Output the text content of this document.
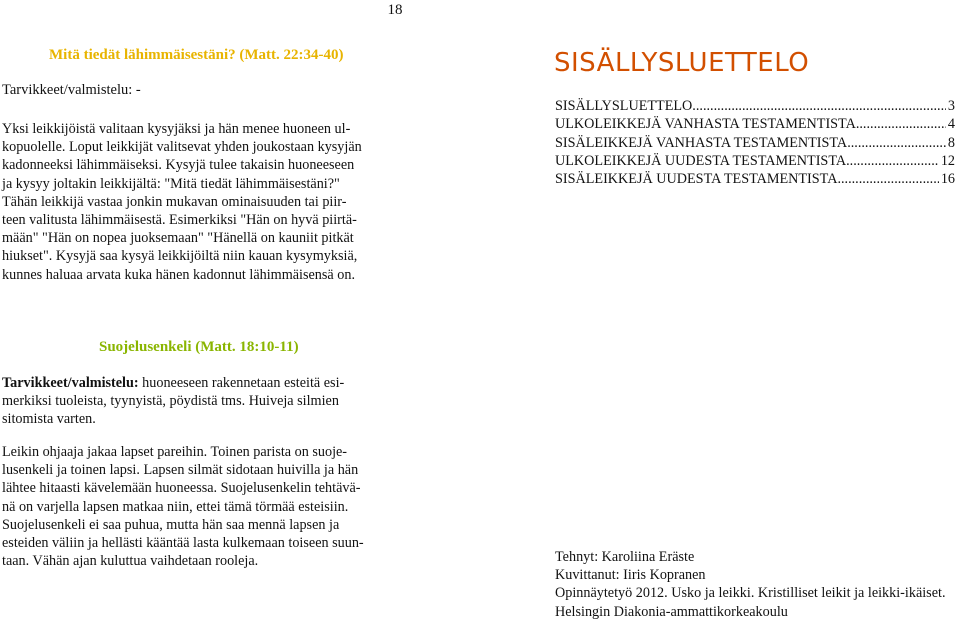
18
Mitä tiedät lähimmäisestäni? (Matt. 22:34-40)
Tarvikkeet/valmistelu: -
Yksi leikkijöistä valitaan kysyjäksi ja hän menee huoneen ul-
kopuolelle. Loput leikkijät valitsevat yhden joukostaan kysyjän
kadonneeksi lähimmäiseksi. Kysyjä tulee takaisin huoneeseen
ja kysyy joltakin leikkijältä: "Mitä tiedät lähimmäisestäni?"
Tähän leikkijä vastaa jonkin mukavan ominaisuuden tai piir-
teen valitusta lähimmäisestä. Esimerkiksi "Hän on hyvä piirtä-
mään" "Hän on nopea juoksemaan" "Hänellä on kauniit pitkät
hiukset". Kysyjä saa kysyä leikkijöiltä niin kauan kysymyksiä,
kunnes haluaa arvata kuka hänen kadonnut lähimmäisensä on.
Suojelusenkeli (Matt. 18:10-11)
Tarvikkeet/valmistelu: huoneeseen rakennetaan esteitä esi-
merkiksi tuoleista, tyynyistä, pöydistä tms. Huiveja silmien
sitomista varten.
Leikin ohjaaja jakaa lapset pareihin. Toinen parista on suoje-
lusenkeli ja toinen lapsi. Lapsen silmät sidotaan huivilla ja hän
lähtee hitaasti kävelemään huoneessa. Suojelusenkelin tehtävä-
nä on varjella lapsen matkaa niin, ettei tämä törmää esteisiin.
Suojelusenkeli ei saa puhua, mutta hän saa mennä lapsen ja
esteiden väliin ja hellästi kääntää lasta kulkemaan toiseen suun-
taan. Vähän ajan kuluttua vaihdetaan rooleja.
SISÄLLYSLUETTELO
SISÄLLYSLUETTELO .....	3
ULKOLEIKKEJÄ VANHASTA TESTAMENTISTA .....	4
SISÄLEIKKEJÄ VANHASTA TESTAMENTISTA .....	8
ULKOLEIKKEJÄ UUDESTA TESTAMENTISTA .....	12
SISÄLEIKKEJÄ UUDESTA TESTAMENTISTA .....	16
Tehnyt: Karoliina Eräste
Kuvittanut: Iiris Kopranen
Opinnäytetyö 2012. Usko ja leikki. Kristilliset leikit ja leikki-ikäiset.
Helsingin Diakonia-ammattikorkeakoulu
